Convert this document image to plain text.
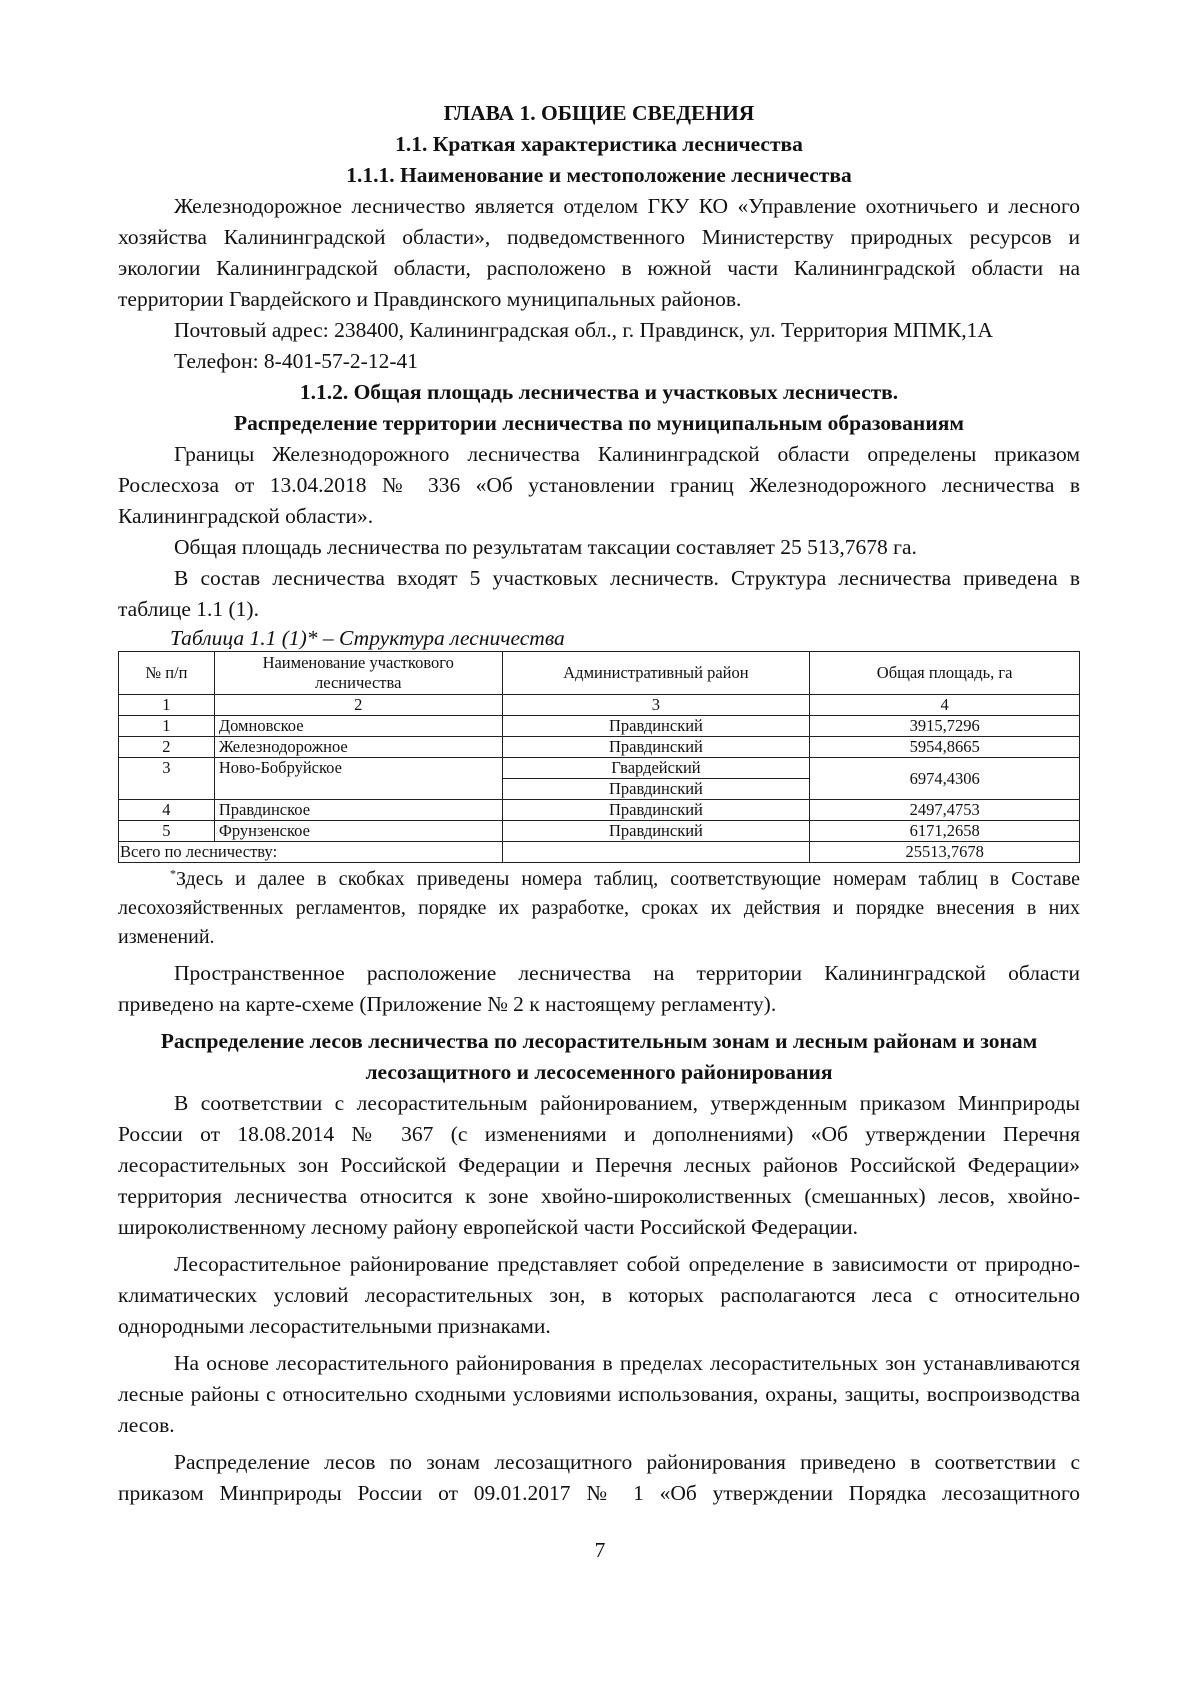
ГЛАВА 1. ОБЩИЕ СВЕДЕНИЯ

1.1. Краткая характеристика лесничества

1.1.1. Наименование и местоположение лесничества

Железнодорожное лесничество является отделом ГКУ КО «Управление охотничьего и лесного хозяйства Калининградской области», подведомственного Министерству природных ресурсов и экологии Калининградской области, расположено в южной части Калининградской области на территории Гвардейского и Правдинского муниципальных районов.

Почтовый адрес: 238400, Калининградская обл., г. Правдинск, ул. Территория МПМК,1А

Телефон: 8-401-57-2-12-41

1.1.2. Общая площадь лесничества и участковых лесничеств.

Распределение территории лесничества по муниципальным образованиям

Границы Железнодорожного лесничества Калининградской области определены приказом Рослесхоза от 13.04.2018 № 336 «Об установлении границ Железнодорожного лесничества в Калининградской области».

Общая площадь лесничества по результатам таксации составляет 25 513,7678 га.

В состав лесничества входят 5 участковых лесничеств. Структура лесничества приведена в таблице 1.1 (1).

Таблица 1.1 (1)* – Структура лесничества

№ п/п	Наименование участкового лесничества	Административный район	Общая площадь, га
1	2	3	4
1	Домновское	Правдинский	3915,7296
2	Железнодорожное	Правдинский	5954,8665
3	Ново-Бобруйское	Гвардейский	6974,4306
		Правдинский	
4	Правдинское	Правдинский	2497,4753
5	Фрунзенское	Правдинский	6171,2658
Всего по лесничеству:			25513,7678

*Здесь и далее в скобках приведены номера таблиц, соответствующие номерам таблиц в Составе лесохозяйственных регламентов, порядке их разработке, сроках их действия и порядке внесения в них изменений.

Пространственное расположение лесничества на территории Калининградской области приведено на карте-схеме (Приложение № 2 к настоящему регламенту).

Распределение лесов лесничества по лесорастительным зонам и лесным районам и зонам лесозащитного и лесосеменного районирования

В соответствии с лесорастительным районированием, утвержденным приказом Минприроды России от 18.08.2014 № 367 (с изменениями и дополнениями) «Об утверждении Перечня лесорастительных зон Российской Федерации и Перечня лесных районов Российской Федерации» территория лесничества относится к зоне хвойно-широколиственных (смешанных) лесов, хвойно-широколиственному лесному району европейской части Российской Федерации.

Лесорастительное районирование представляет собой определение в зависимости от природно-климатических условий лесорастительных зон, в которых располагаются леса с относительно однородными лесорастительными признаками.

На основе лесорастительного районирования в пределах лесорастительных зон устанавливаются лесные районы с относительно сходными условиями использования, охраны, защиты, воспроизводства лесов.

Распределение лесов по зонам лесозащитного районирования приведено в соответствии с приказом Минприроды России от 09.01.2017 № 1 «Об утверждении Порядка лесозащитного

7
